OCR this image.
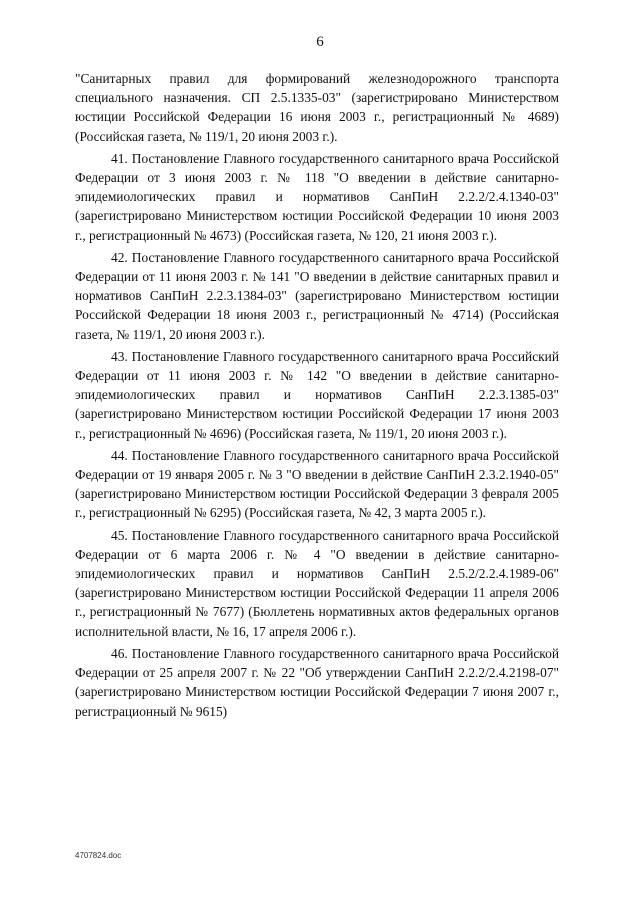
6

"Санитарных правил для формирований железнодорожного транспорта специального назначения. СП 2.5.1335-03" (зарегистрировано Министерством юстиции Российской Федерации 16 июня 2003 г., регистрационный № 4689) (Российская газета, № 119/1, 20 июня 2003 г.).

41. Постановление Главного государственного санитарного врача Российской Федерации от 3 июня 2003 г. № 118 "О введении в действие санитарно-эпидемиологических правил и нормативов СанПиН 2.2.2/2.4.1340-03" (зарегистрировано Министерством юстиции Российской Федерации 10 июня 2003 г., регистрационный № 4673) (Российская газета, № 120, 21 июня 2003 г.).

42. Постановление Главного государственного санитарного врача Российской Федерации от 11 июня 2003 г. № 141 "О введении в действие санитарных правил и нормативов СанПиН 2.2.3.1384-03" (зарегистрировано Министерством юстиции Российской Федерации 18 июня 2003 г., регистрационный № 4714) (Российская газета, № 119/1, 20 июня 2003 г.).

43. Постановление Главного государственного санитарного врача Российский Федерации от 11 июня 2003 г. № 142 "О введении в действие санитарно-эпидемиологических правил и нормативов СанПиН 2.2.3.1385-03" (зарегистрировано Министерством юстиции Российской Федерации 17 июня 2003 г., регистрационный № 4696) (Российская газета, № 119/1, 20 июня 2003 г.).

44. Постановление Главного государственного санитарного врача Российской Федерации от 19 января 2005 г. № 3 "О введении в действие СанПиН 2.3.2.1940-05" (зарегистрировано Министерством юстиции Российской Федерации 3 февраля 2005 г., регистрационный № 6295) (Российская газета, № 42, 3 марта 2005 г.).

45. Постановление Главного государственного санитарного врача Российской Федерации от 6 марта 2006 г. № 4 "О введении в действие санитарно-эпидемиологических правил и нормативов СанПиН 2.5.2/2.2.4.1989-06" (зарегистрировано Министерством юстиции Российской Федерации 11 апреля 2006 г., регистрационный № 7677) (Бюллетень нормативных актов федеральных органов исполнительной власти, № 16, 17 апреля 2006 г.).

46. Постановление Главного государственного санитарного врача Российской Федерации от 25 апреля 2007 г. № 22 "Об утверждении СанПиН 2.2.2/2.4.2198-07" (зарегистрировано Министерством юстиции Российской Федерации 7 июня 2007 г., регистрационный № 9615)

4707824.doc
